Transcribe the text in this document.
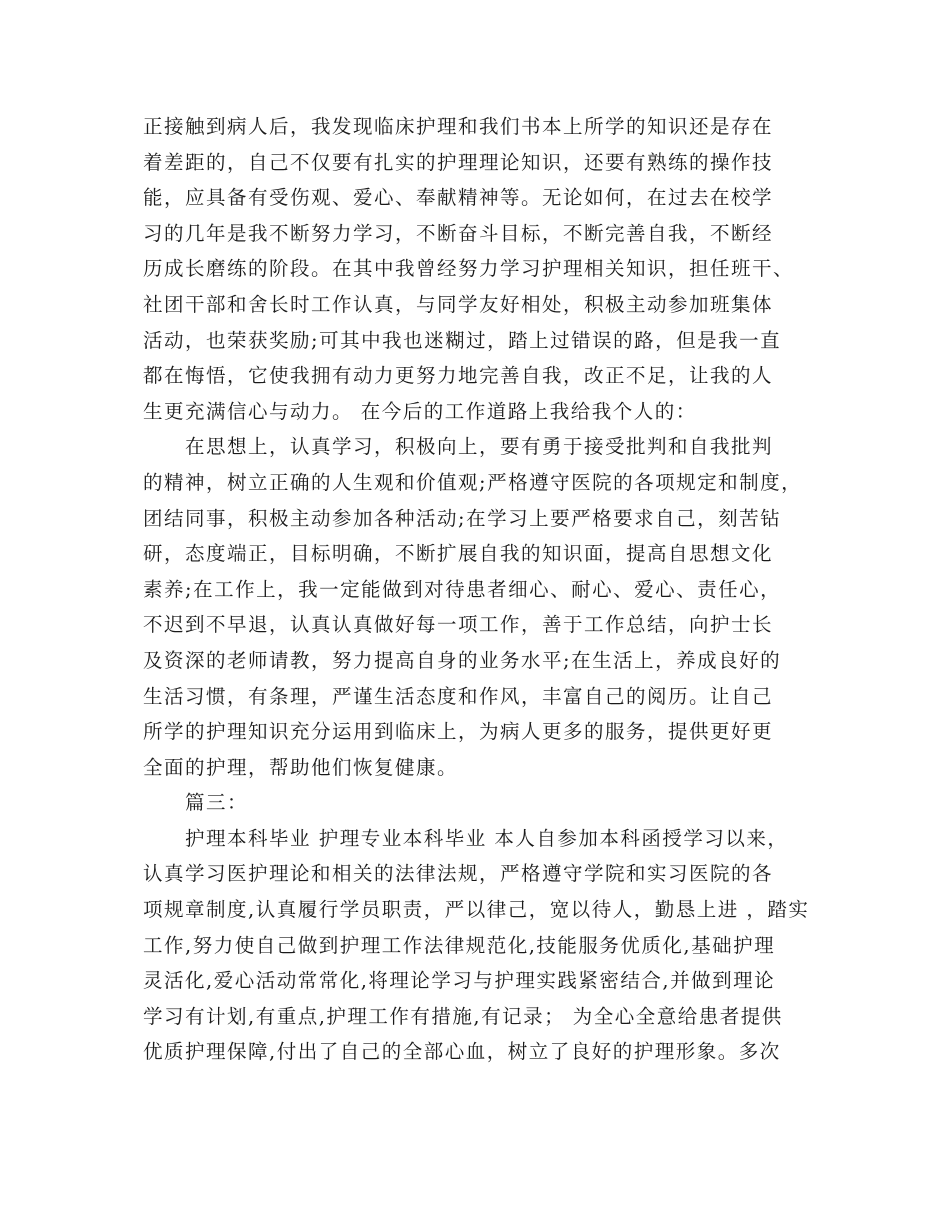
正接触到病人后，我发现临床护理和我们书本上所学的知识还是存在
着差距的，自己不仅要有扎实的护理理论知识，还要有熟练的操作技
能，应具备有受伤观、爱心、奉献精神等。无论如何，在过去在校学
习的几年是我不断努力学习，不断奋斗目标，不断完善自我，不断经
历成长磨练的阶段。在其中我曾经努力学习护理相关知识，担任班干、
社团干部和舍长时工作认真，与同学友好相处，积极主动参加班集体
活动，也荣获奖励;可其中我也迷糊过，踏上过错误的路，但是我一直
都在悔悟，它使我拥有动力更努力地完善自我，改正不足，让我的人
生更充满信心与动力。 在今后的工作道路上我给我个人的：
　　在思想上，认真学习，积极向上，要有勇于接受批判和自我批判
的精神，树立正确的人生观和价值观;严格遵守医院的各项规定和制度，
团结同事，积极主动参加各种活动;在学习上要严格要求自己，刻苦钻
研，态度端正，目标明确，不断扩展自我的知识面，提高自思想文化
素养;在工作上，我一定能做到对待患者细心、耐心、爱心、责任心，
不迟到不早退，认真认真做好每一项工作，善于工作总结，向护士长
及资深的老师请教，努力提高自身的业务水平;在生活上，养成良好的
生活习惯，有条理，严谨生活态度和作风，丰富自己的阅历。让自己
所学的护理知识充分运用到临床上，为病人更多的服务，提供更好更
全面的护理，帮助他们恢复健康。
　　篇三：
　　护理本科毕业 护理专业本科毕业 本人自参加本科函授学习以来，
认真学习医护理论和相关的法律法规，严格遵守学院和实习医院的各
项规章制度,认真履行学员职责，严以律己，宽以待人，勤恳上进 ，踏实
工作,努力使自己做到护理工作法律规范化,技能服务优质化,基础护理
灵活化,爱心活动常常化,将理论学习与护理实践紧密结合,并做到理论
学习有计划,有重点,护理工作有措施,有记录； 为全心全意给患者提供
优质护理保障,付出了自己的全部心血，树立了良好的护理形象。多次
